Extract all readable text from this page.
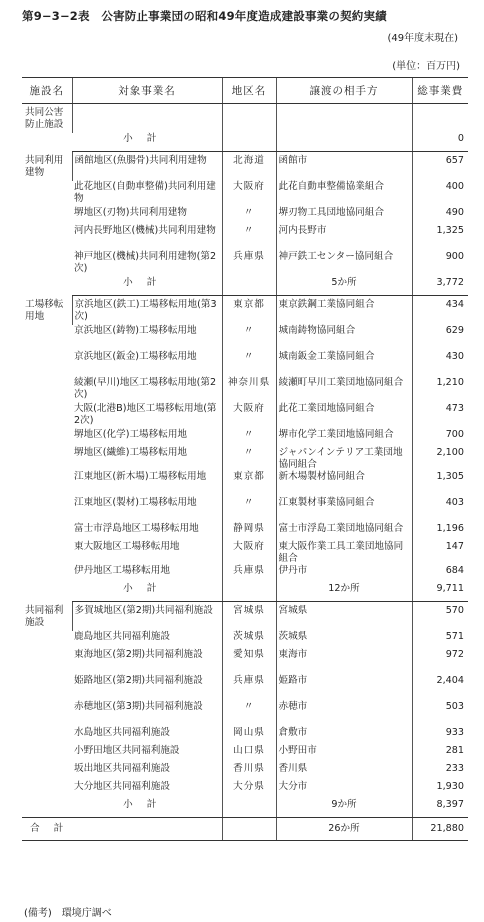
第9−3−2表　公害防止事業団の昭和49年度造成建設事業の契約実績
(49年度末現在)
(単位：百万円)
施設名	対象事業名	地区名	譲渡の相手方	総事業費
共同公害防止施設				
	小計			0
共同利用建物	函館地区(魚腸骨)共同利用建物	北海道	函館市	657
	此花地区(自動車整備)共同利用建物	大阪府	此花自動車整備協業組合	400
	堺地区(刃物)共同利用建物	〃	堺刃物工具団地協同組合	490
	河内長野地区(機械)共同利用建物	〃	河内長野市	1,325
	神戸地区(機械)共同利用建物(第2次)	兵庫県	神戸鉄工センター協同組合	900
	小計		5か所	3,772
工場移転用地	京浜地区(鉄工)工場移転用地(第3次)	東京都	東京鉄鋼工業協同組合	434
	京浜地区(鋳物)工場移転用地	〃	城南鋳物協同組合	629
	京浜地区(鈑金)工場移転用地	〃	城南鈑金工業協同組合	430
	綾瀬(早川)地区工場移転用地(第2次)	神奈川県	綾瀬町早川工業団地協同組合	1,210
	大阪(北港B)地区工場移転用地(第2次)	大阪府	此花工業団地協同組合	473
	堺地区(化学)工場移転用地	〃	堺市化学工業団地協同組合	700
	堺地区(繊維)工場移転用地	〃	ジャパンインテリア工業団地協同組合	2,100
	江東地区(新木場)工場移転用地	東京都	新木場製材協同組合	1,305
	江東地区(製材)工場移転用地	〃	江東製材事業協同組合	403
	富士市浮島地区工場移転用地	静岡県	富士市浮島工業団地協同組合	1,196
	東大阪地区工場移転用地	大阪府	東大阪作業工具工業団地協同組合	147
	伊丹地区工場移転用地	兵庫県	伊丹市	684
	小計		12か所	9,711
共同福利施設	多賀城地区(第2期)共同福利施設	宮城県	宮城県	570
	鹿島地区共同福利施設	茨城県	茨城県	571
	東海地区(第2期)共同福利施設	愛知県	東海市	972
	姫路地区(第2期)共同福利施設	兵庫県	姫路市	2,404
	赤穂地区(第3期)共同福利施設	〃	赤穂市	503
	水島地区共同福利施設	岡山県	倉敷市	933
	小野田地区共同福利施設	山口県	小野田市	281
	坂出地区共同福利施設	香川県	香川県	233
	大分地区共同福利施設	大分県	大分市	1,930
	小計		9か所	8,397
合計			26か所	21,880
(備考)　環境庁調べ
